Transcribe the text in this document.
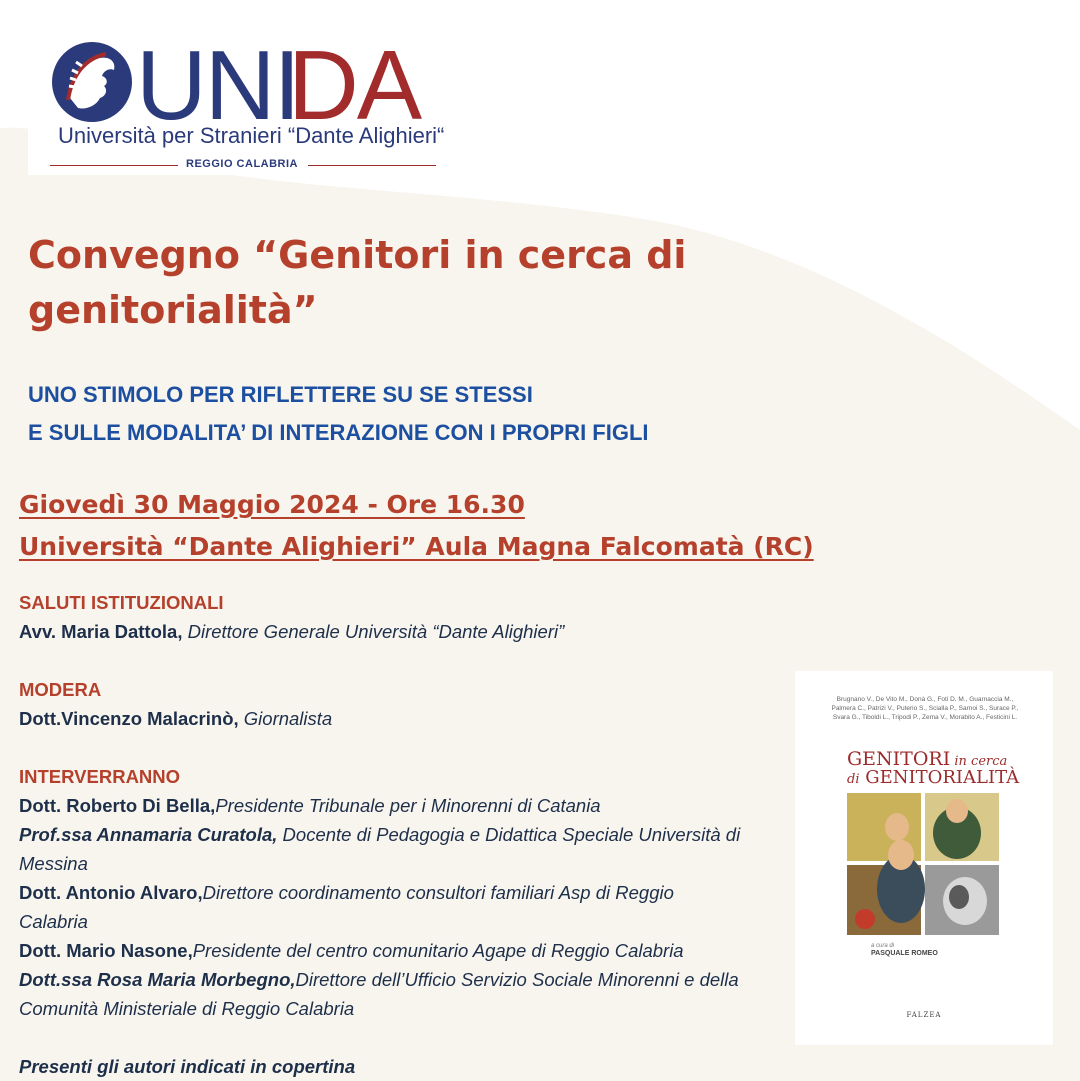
UNI
DA
Università per Stranieri “Dante Alighieri“
REGGIO CALABRIA
Convegno “Genitori in cerca di genitorialità”
UNO STIMOLO PER RIFLETTERE SU SE STESSI
E SULLE MODALITA’ DI INTERAZIONE CON I PROPRI FIGLI
Giovedì 30 Maggio 2024 - Ore 16.30
Università “Dante Alighieri” Aula Magna Falcomatà (RC)
SALUTI ISTITUZIONALI
Avv. Maria Dattola, Direttore Generale Università “Dante Alighieri”
MODERA
Dott.Vincenzo Malacrinò, Giornalista
INTERVERRANNO
Dott. Roberto Di Bella,Presidente Tribunale per i Minorenni di Catania
Prof.ssa Annamaria Curatola, Docente di Pedagogia e Didattica Speciale Università di Messina
Dott. Antonio Alvaro,Direttore coordinamento consultori familiari Asp di Reggio Calabria
Dott. Mario Nasone,Presidente del centro comunitario Agape di Reggio Calabria
Dott.ssa Rosa Maria Morbegno,Direttore dell’Ufficio Servizio Sociale Minorenni e della Comunità Ministeriale di Reggio Calabria
Presenti gli autori indicati in copertina
Brugnano V., De Vito M., Donà G., Foti D. M., Guarnaccia M., Palmera C., Patrizi V., Puterio S., Scialla P., Sarnoi S., Surace P., Svara G., Tiboldi L., Tripodi P., Zema V., Morabito A., Festicini L.
GENITORI in cerca
di GENITORIALITÀ
a cura di
PASQUALE ROMEO
FALZEA
